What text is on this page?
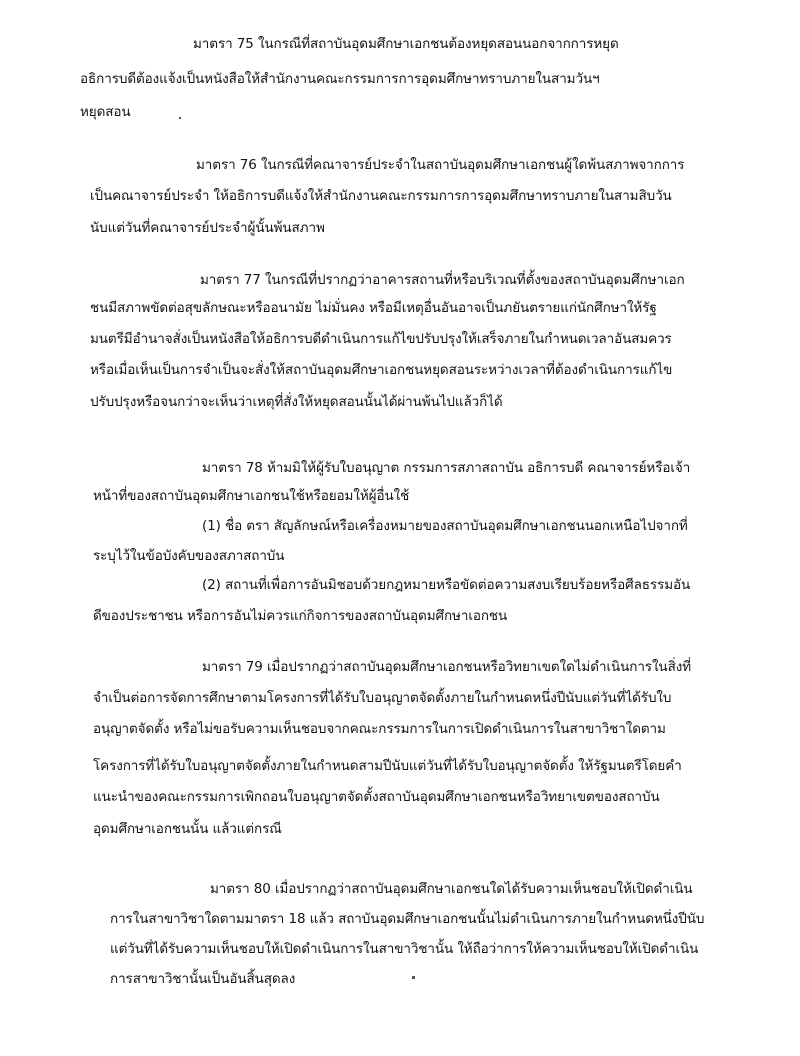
มาตรา 75 ในกรณีที่สถาบันอุดมศึกษาเอกชนต้องหยุดสอนนอกจากการหยุด
อธิการบดีต้องแจ้งเป็นหนังสือให้สำนักงานคณะกรรมการการอุดมศึกษาทราบภายในสามวันฯ
หยุดสอน
มาตรา 76 ในกรณีที่คณาจารย์ประจำในสถาบันอุดมศึกษาเอกชนผู้ใดพ้นสภาพจากการ
เป็นคณาจารย์ประจำ ให้อธิการบดีแจ้งให้สำนักงานคณะกรรมการการอุดมศึกษาทราบภายในสามสิบวัน
นับแต่วันที่คณาจารย์ประจำผู้นั้นพ้นสภาพ
มาตรา 77 ในกรณีที่ปรากฏว่าอาคารสถานที่หรือบริเวณที่ตั้งของสถาบันอุดมศึกษาเอก
ชนมีสภาพขัดต่อสุขลักษณะหรืออนามัย ไม่มั่นคง หรือมีเหตุอื่นอันอาจเป็นภยันตรายแก่นักศึกษาให้รัฐ
มนตรีมีอำนาจสั่งเป็นหนังสือให้อธิการบดีดำเนินการแก้ไขปรับปรุงให้เสร็จภายในกำหนดเวลาอันสมควร
หรือเมื่อเห็นเป็นการจำเป็นจะสั่งให้สถาบันอุดมศึกษาเอกชนหยุดสอนระหว่างเวลาที่ต้องดำเนินการแก้ไข
ปรับปรุงหรือจนกว่าจะเห็นว่าเหตุที่สั่งให้หยุดสอนนั้นได้ผ่านพ้นไปแล้วก็ได้
มาตรา 78 ห้ามมิให้ผู้รับใบอนุญาต กรรมการสภาสถาบัน อธิการบดี คณาจารย์หรือเจ้า
หน้าที่ของสถาบันอุดมศึกษาเอกชนใช้หรือยอมให้ผู้อื่นใช้
(1) ชื่อ ตรา สัญลักษณ์หรือเครื่องหมายของสถาบันอุดมศึกษาเอกชนนอกเหนือไปจากที่
ระบุไว้ในข้อบังคับของสภาสถาบัน
(2) สถานที่เพื่อการอันมิชอบด้วยกฎหมายหรือขัดต่อความสงบเรียบร้อยหรือศีลธรรมอัน
ดีของประชาชน หรือการอันไม่ควรแก่กิจการของสถาบันอุดมศึกษาเอกชน
มาตรา 79 เมื่อปรากฏว่าสถาบันอุดมศึกษาเอกชนหรือวิทยาเขตใดไม่ดำเนินการในสิ่งที่
จำเป็นต่อการจัดการศึกษาตามโครงการที่ได้รับใบอนุญาตจัดตั้งภายในกำหนดหนึ่งปีนับแต่วันที่ได้รับใบ
อนุญาตจัดตั้ง หรือไม่ขอรับความเห็นชอบจากคณะกรรมการในการเปิดดำเนินการในสาขาวิชาใดตาม
โครงการที่ได้รับใบอนุญาตจัดตั้งภายในกำหนดสามปีนับแต่วันที่ได้รับใบอนุญาตจัดตั้ง ให้รัฐมนตรีโดยคำ
แนะนำของคณะกรรมการเพิกถอนใบอนุญาตจัดตั้งสถาบันอุดมศึกษาเอกชนหรือวิทยาเขตของสถาบัน
อุดมศึกษาเอกชนนั้น แล้วแต่กรณี
มาตรา 80 เมื่อปรากฏว่าสถาบันอุดมศึกษาเอกชนใดได้รับความเห็นชอบให้เปิดดำเนิน
การในสาขาวิชาใดตามมาตรา 18 แล้ว สถาบันอุดมศึกษาเอกชนนั้นไม่ดำเนินการภายในกำหนดหนึ่งปีนับ
แต่วันที่ได้รับความเห็นชอบให้เปิดดำเนินการในสาขาวิชานั้น ให้ถือว่าการให้ความเห็นชอบให้เปิดดำเนิน
การสาขาวิชานั้นเป็นอันสิ้นสุดลง
